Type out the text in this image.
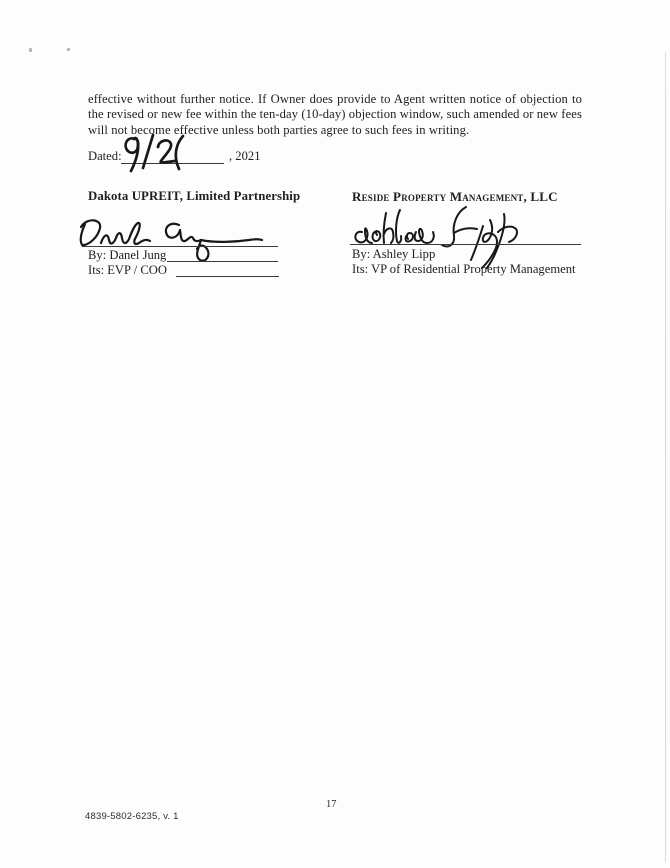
effective without further notice. If Owner does provide to Agent written notice of objection to the revised or new fee within the ten-day (10-day) objection window, such amended or new fees will not become effective unless both parties agree to such fees in writing.
Dated:	, 2021
Dakota UPREIT, Limited Partnership	Reside Property Management, LLC
By: Danel Jung
Its: EVP / COO
By: Ashley Lipp
Its: VP of Residential Property Management
4839-5802-6235, v. 1
17
